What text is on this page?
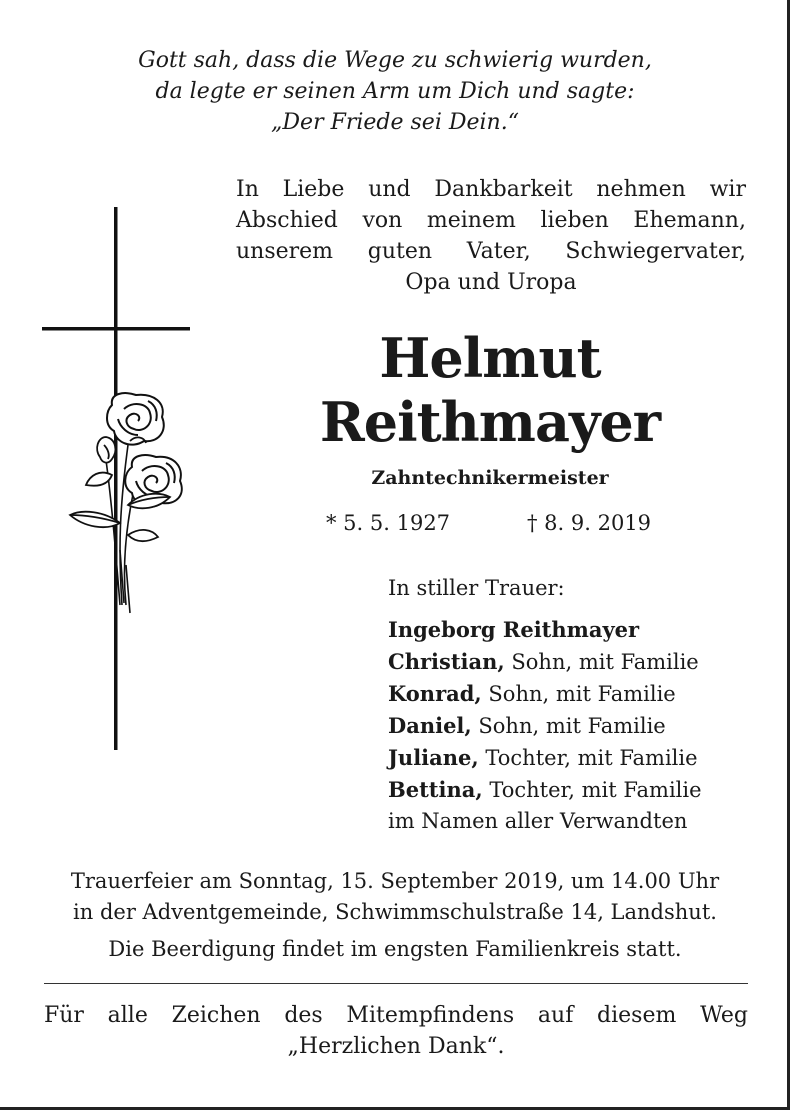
Gott sah, dass die Wege zu schwierig wurden,
da legte er seinen Arm um Dich und sagte:
„Der Friede sei Dein.“
In Liebe und Dankbarkeit nehmen wir
Abschied von meinem lieben Ehemann,
unserem guten Vater, Schwiegervater,
Opa und Uropa
Helmut
Reithmayer
Zahntechnikermeister
* 5. 5. 1927	† 8. 9. 2019
In stiller Trauer:
Ingeborg Reithmayer
Christian, Sohn, mit Familie
Konrad, Sohn, mit Familie
Daniel, Sohn, mit Familie
Juliane, Tochter, mit Familie
Bettina, Tochter, mit Familie
im Namen aller Verwandten
Trauerfeier am Sonntag, 15. September 2019, um 14.00 Uhr
in der Adventgemeinde, Schwimmschulstraße 14, Landshut.
Die Beerdigung findet im engsten Familienkreis statt.
Für alle Zeichen des Mitempfindens auf diesem Weg
„Herzlichen Dank“.
